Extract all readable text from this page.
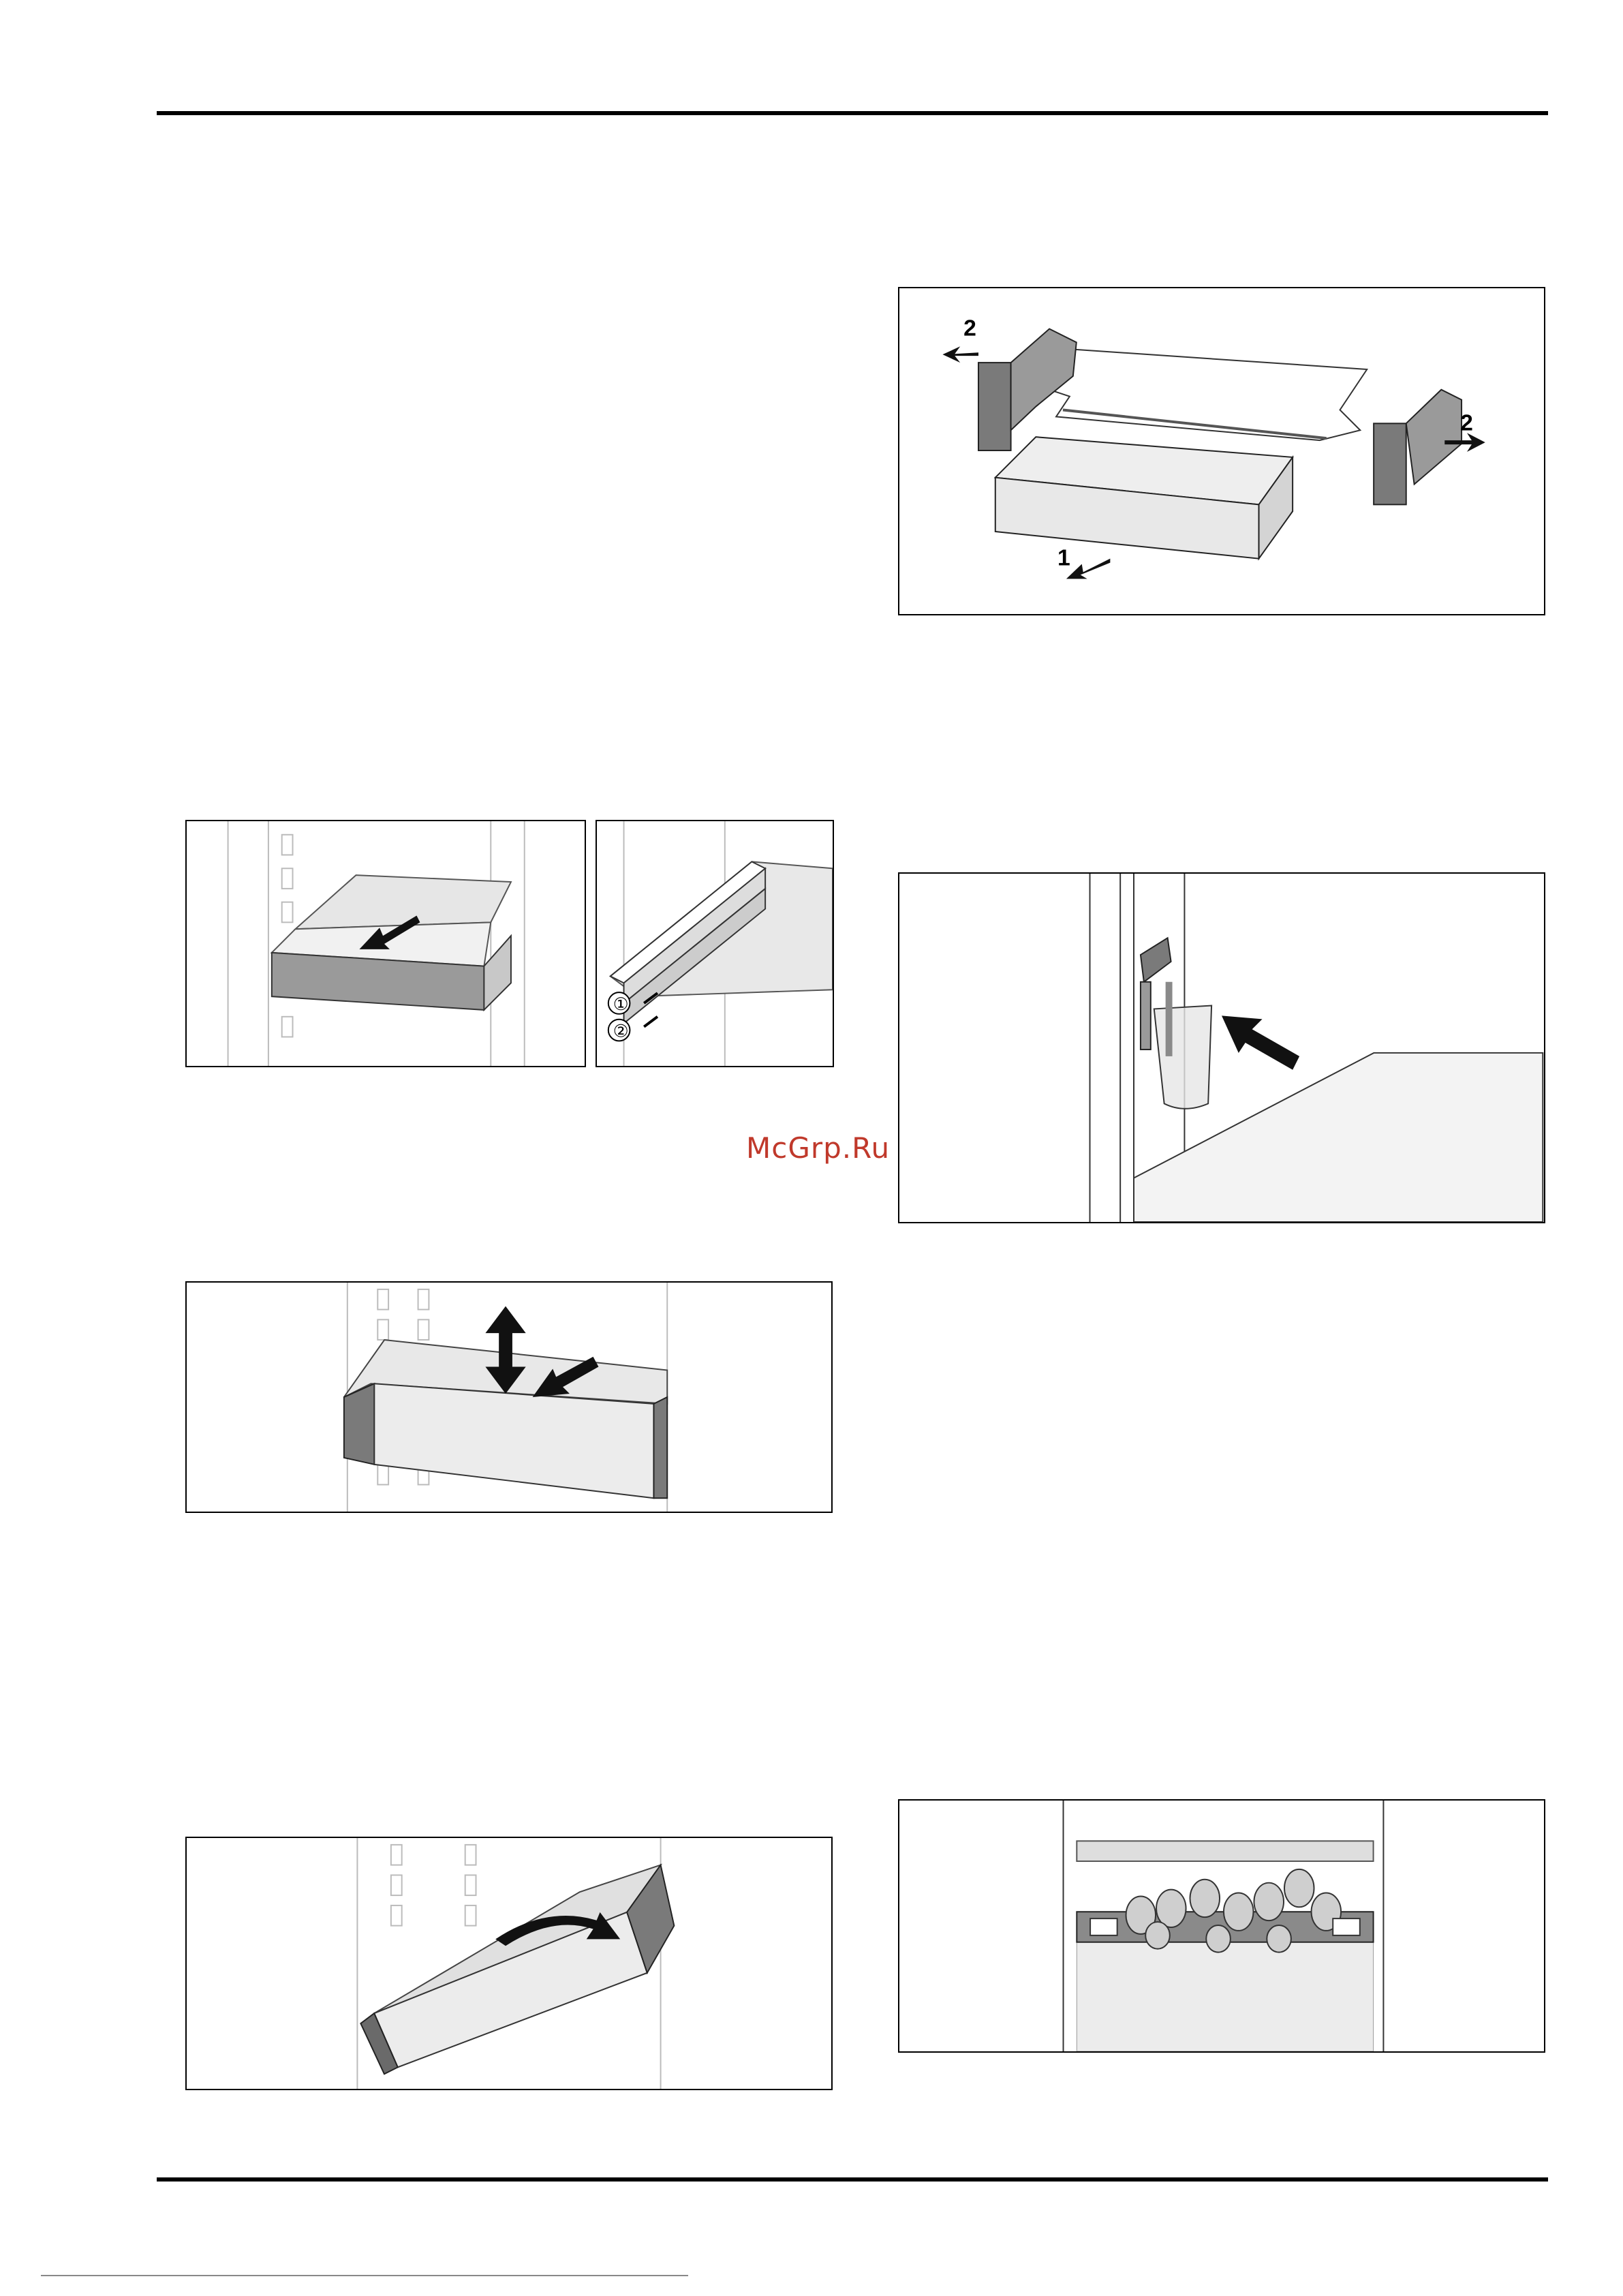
2
2
1
①
②
McGrp.Ru
